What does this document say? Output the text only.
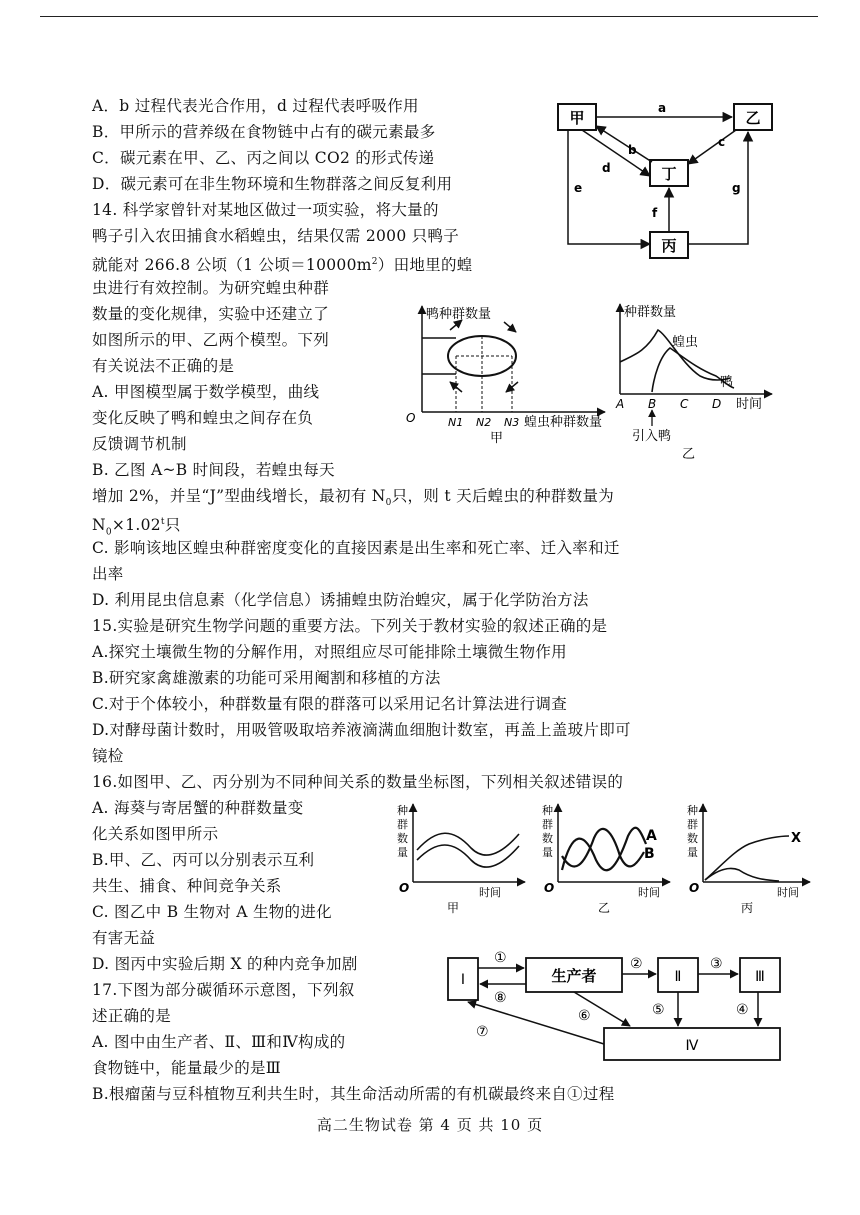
A．b 过程代表光合作用，d 过程代表呼吸作用
B．甲所示的营养级在食物链中占有的碳元素最多
C．碳元素在甲、乙、丙之间以 CO2 的形式传递
D．碳元素可在非生物环境和生物群落之间反复利用
甲	乙
丁
丙
a
c
b
d
f
e	g
14. 科学家曾针对某地区做过一项实验，将大量的
鸭子引入农田捕食水稻蝗虫，结果仅需 2000 只鸭子
就能对 266.8 公顷（1 公顷$=10000m^2$）田地里的蝗
虫进行有效控制。为研究蝗虫种群
数量的变化规律，实验中还建立了
如图所示的甲、乙两个模型。下列
有关说法不正确的是
A. 甲图模型属于数学模型，曲线
变化反映了鸭和蝗虫之间存在负
反馈调节机制
B. 乙图 A~B 时间段，若蝗虫每天
增加 2%，并呈“J”型曲线增长，最初有 $N_0$只，则 t 天后蝗虫的种群数量为
$N_0\times 1.02^t$只
C. 影响该地区蝗虫种群密度变化的直接因素是出生率和死亡率、迁入率和迁
出率
D. 利用昆虫信息素（化学信息）诱捕蝗虫防治蝗灾，属于化学防治方法
鸭种群数量
O	N1 N2 N3 蝗虫种群数量
甲
种群数量
蝗虫
鸭
A B C D 时间
引入鸭
乙
15.实验是研究生物学问题的重要方法。下列关于教材实验的叙述正确的是
A.探究土壤微生物的分解作用，对照组应尽可能排除土壤微生物作用
B.研究家禽雄激素的功能可采用阉割和移植的方法
C.对于个体较小，种群数量有限的群落可以采用记名计算法进行调查
D.对酵母菌计数时，用吸管吸取培养液滴满血细胞计数室，再盖上盖玻片即可
镜检
16.如图甲、乙、丙分别为不同种间关系的数量坐标图，下列相关叙述错误的
A. 海葵与寄居蟹的种群数量变
化关系如图甲所示
B.甲、乙、丙可以分别表示互利
共生、捕食、种间竞争关系
C. 图乙中 B 生物对 A 生物的进化
有害无益
D. 图丙中实验后期 X 的种内竞争加剧
种
群
数
量
O	时间
甲
种
群
数
量
A
B
O	时间
乙
种
群
数
量
X
O	时间
丙
17.下图为部分碳循环示意图，下列叙
述正确的是
A. 图中由生产者、Ⅱ、Ⅲ和Ⅳ构成的
食物链中，能量最少的是Ⅲ
B.根瘤菌与豆科植物互利共生时，其生命活动所需的有机碳最终来自①过程
Ⅰ	生产者	Ⅱ	Ⅲ
Ⅳ
①
⑧
②	③
⑤	④
⑥
⑦
高二生物试卷 第 4 页 共 10 页
